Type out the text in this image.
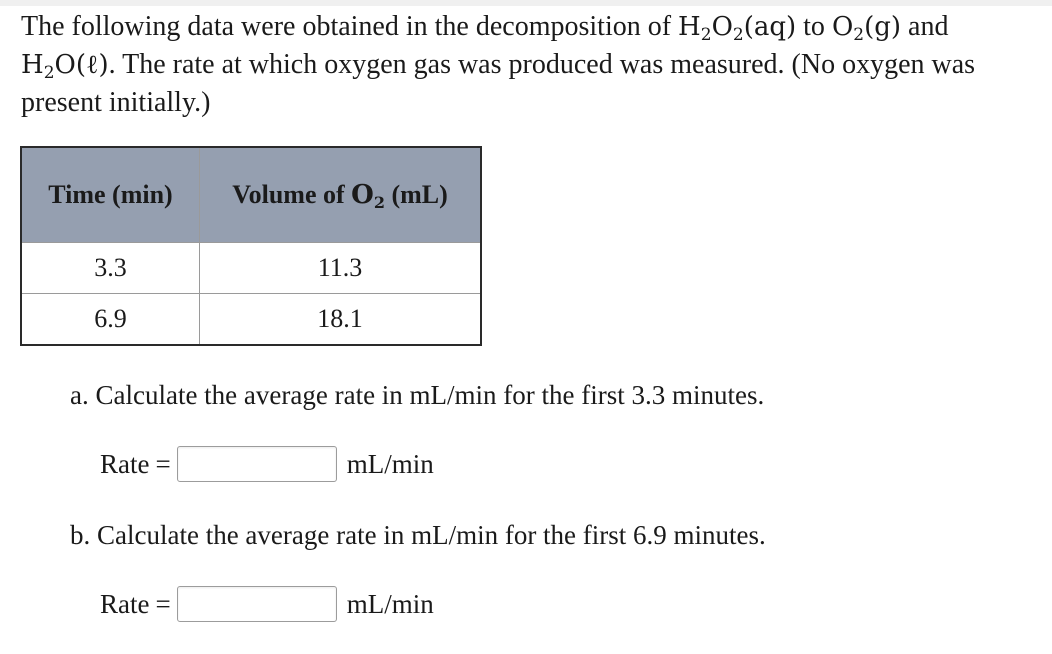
The following data were obtained in the decomposition of $H_2O_2(aq)$ to $O_2(g)$ and $H_2O(\ell)$. The rate at which oxygen gas was produced was measured. (No oxygen was present initially.)

Time (min)	Volume of $O_2$ (mL)
3.3	11.3
6.9	18.1

a. Calculate the average rate in mL/min for the first 3.3 minutes.

Rate =	mL/min

b. Calculate the average rate in mL/min for the first 6.9 minutes.

Rate =	mL/min
